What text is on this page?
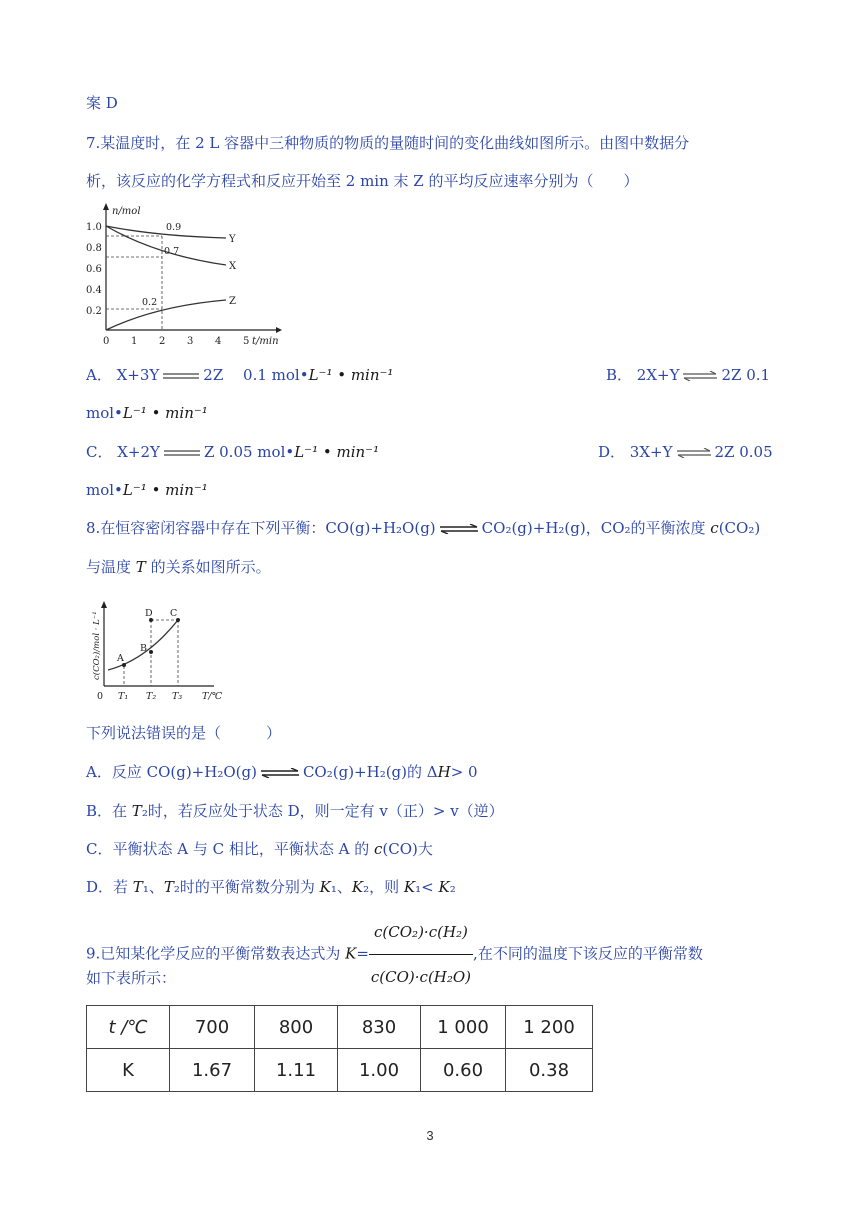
案 D
7.某温度时，在 2 L 容器中三种物质的物质的量随时间的变化曲线如图所示。由图中数据分
析，该反应的化学方程式和反应开始至 2 min 末 Z 的平均反应速率分别为（　　）
n/mol
t/min
1.0
0.8
0.6
0.4
0.2
0 1 2 3 4 5
0.9
0.7
0.2
Y
X
Z
A． X+3Y	2Z　 0.1 mol•L⁻¹ • min⁻¹	B． 2X+Y ⇌ 2Z 0.1
mol•L⁻¹ • min⁻¹
C． X+2Y	Z 0.05 mol•L⁻¹ • min⁻¹	D． 3X+Y ⇌ 2Z 0.05
mol•L⁻¹ • min⁻¹
8.在恒容密闭容器中存在下列平衡：CO(g)+H₂O(g) ⇌ CO₂(g)+H₂(g)，CO₂的平衡浓度 c(CO₂)
与温度 T 的关系如图所示。
c(CO₂)/mol · L⁻¹
T/℃
0 T₁ T₂ T₃
A
B
C
D
下列说法错误的是（　　　）
A．反应 CO(g)+H₂O(g) ⇌ CO₂(g)+H₂(g)的 ΔH> 0
B．在 T₂时，若反应处于状态 D，则一定有 v（正）> v（逆）
C．平衡状态 A 与 C 相比，平衡状态 A 的 c(CO)大
D．若 T₁、T₂时的平衡常数分别为 K₁、K₂，则 K₁< K₂
9.已知某化学反应的平衡常数表达式为 $K= \frac{\text{c(CO₂)·c(H₂)}}{\text{c(CO)·c(H₂O)}}$ ,在不同的温度下该反应的平衡常数
如下表所示：
t /℃	700	800	830	1 000	1 200
K	1.67	1.11	1.00	0.60	0.38
3
